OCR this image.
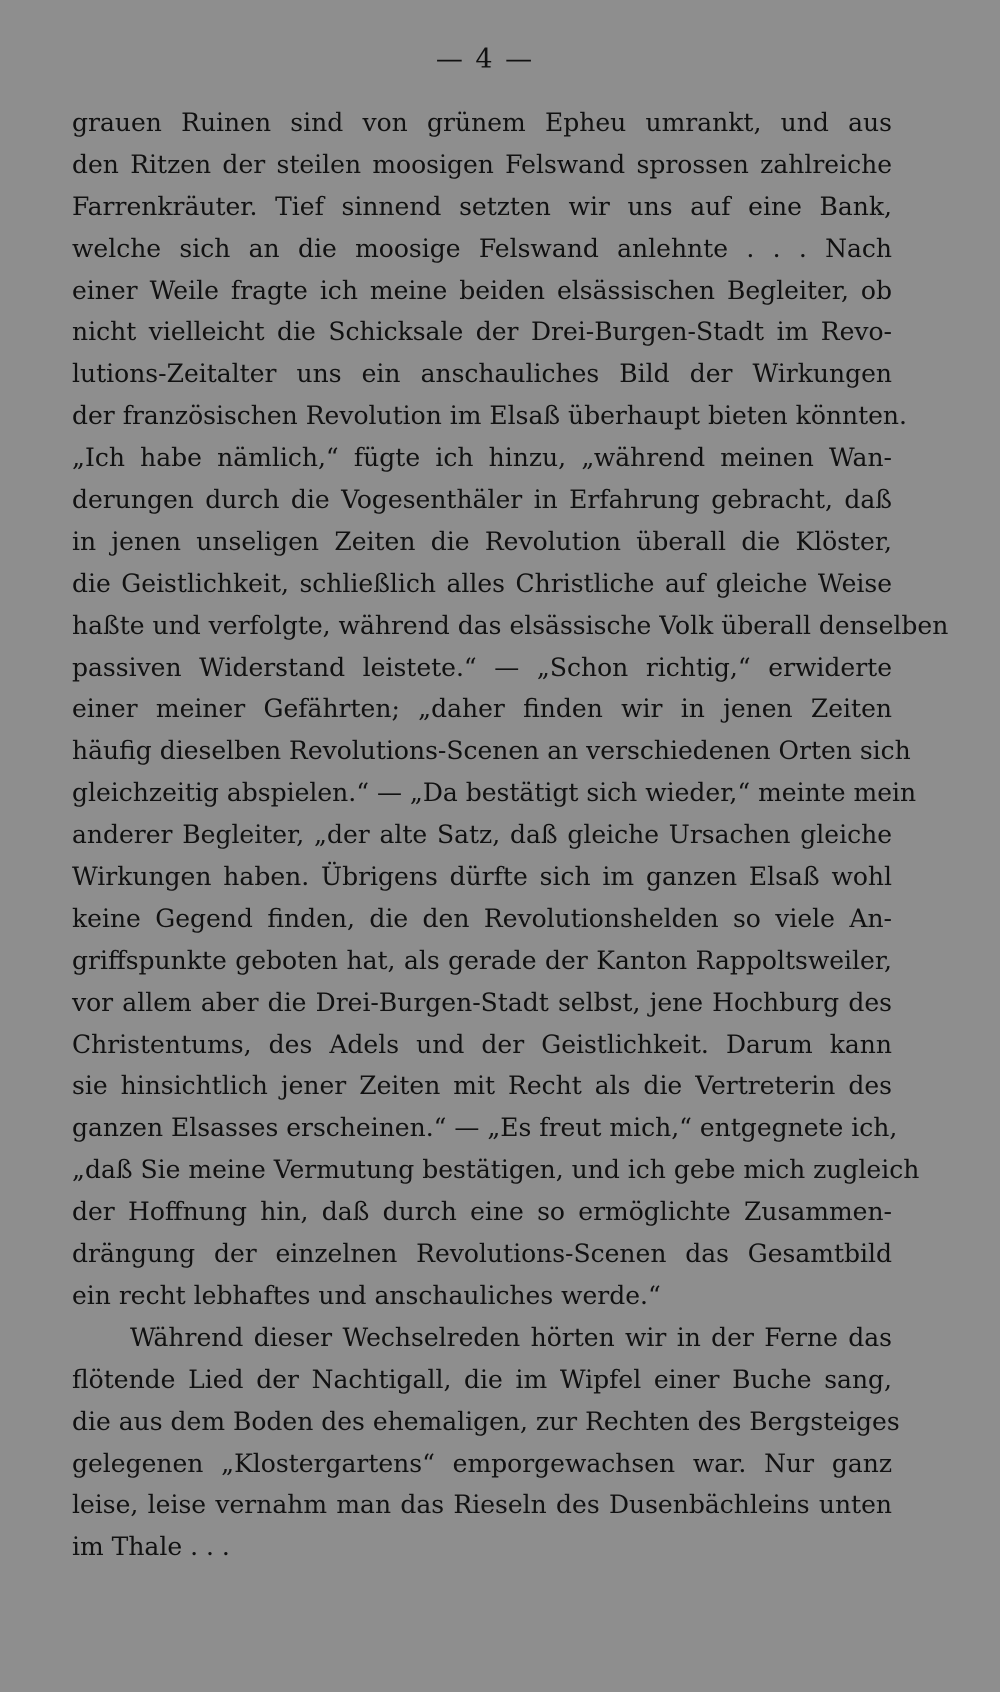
— 4 —
grauen Ruinen sind von grünem Epheu umrankt, und aus
den Ritzen der steilen moosigen Felswand sprossen zahlreiche
Farrenkräuter. Tief sinnend setzten wir uns auf eine Bank,
welche sich an die moosige Felswand anlehnte . . . Nach
einer Weile fragte ich meine beiden elsässischen Begleiter, ob
nicht vielleicht die Schicksale der Drei-Burgen-Stadt im Revo-
lutions-Zeitalter uns ein anschauliches Bild der Wirkungen
der französischen Revolution im Elsaß überhaupt bieten könnten.
„Ich habe nämlich,“ fügte ich hinzu, „während meinen Wan-
derungen durch die Vogesenthäler in Erfahrung gebracht, daß
in jenen unseligen Zeiten die Revolution überall die Klöster,
die Geistlichkeit, schließlich alles Christliche auf gleiche Weise
haßte und verfolgte, während das elsässische Volk überall denselben
passiven Widerstand leistete.“ — „Schon richtig,“ erwiderte
einer meiner Gefährten; „daher finden wir in jenen Zeiten
häufig dieselben Revolutions-Scenen an verschiedenen Orten sich
gleichzeitig abspielen.“ — „Da bestätigt sich wieder,“ meinte mein
anderer Begleiter, „der alte Satz, daß gleiche Ursachen gleiche
Wirkungen haben. Übrigens dürfte sich im ganzen Elsaß wohl
keine Gegend finden, die den Revolutionshelden so viele An-
griffspunkte geboten hat, als gerade der Kanton Rappoltsweiler,
vor allem aber die Drei-Burgen-Stadt selbst, jene Hochburg des
Christentums, des Adels und der Geistlichkeit. Darum kann
sie hinsichtlich jener Zeiten mit Recht als die Vertreterin des
ganzen Elsasses erscheinen.“ — „Es freut mich,“ entgegnete ich,
„daß Sie meine Vermutung bestätigen, und ich gebe mich zugleich
der Hoffnung hin, daß durch eine so ermöglichte Zusammen-
drängung der einzelnen Revolutions-Scenen das Gesamtbild
ein recht lebhaftes und anschauliches werde.“
Während dieser Wechselreden hörten wir in der Ferne das
flötende Lied der Nachtigall, die im Wipfel einer Buche sang,
die aus dem Boden des ehemaligen, zur Rechten des Bergsteiges
gelegenen „Klostergartens“ emporgewachsen war. Nur ganz
leise, leise vernahm man das Rieseln des Dusenbächleins unten
im Thale . . .
